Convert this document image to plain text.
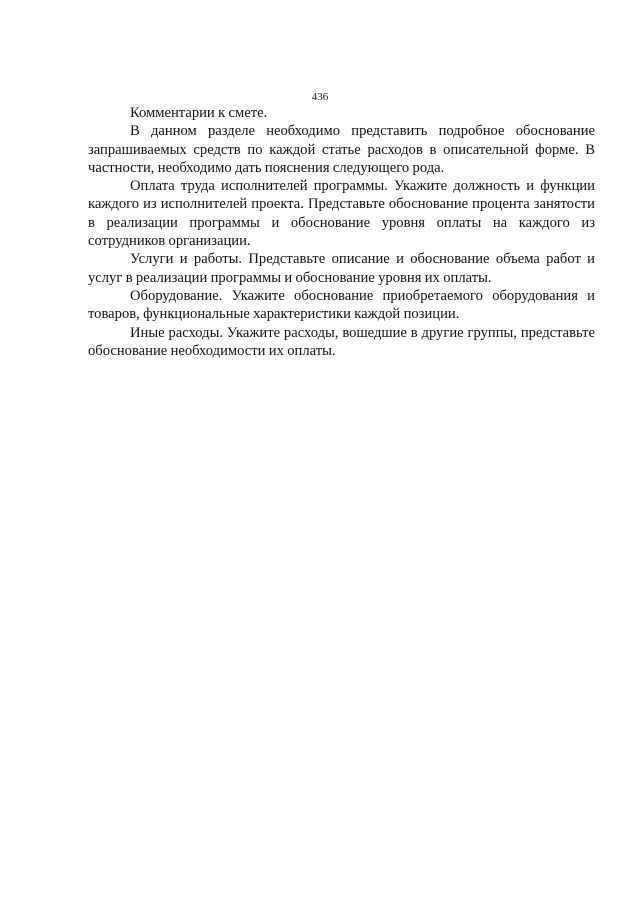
436

Комментарии к смете.

В данном разделе необходимо представить подробное обоснование запрашиваемых средств по каждой статье расходов в описательной форме. В частности, необходимо дать пояснения следующего рода.

Оплата труда исполнителей программы. Укажите должность и функции каждого из исполнителей проекта. Представьте обоснование процента занятости в реализации программы и обоснование уровня оплаты на каждого из сотрудников организации.

Услуги и работы. Представьте описание и обоснование объема работ и услуг в реализации программы и обоснование уровня их оплаты.

Оборудование. Укажите обоснование приобретаемого оборудования и товаров, функциональные характеристики каждой позиции.

Иные расходы. Укажите расходы, вошедшие в другие группы, представьте обоснование необходимости их оплаты.
